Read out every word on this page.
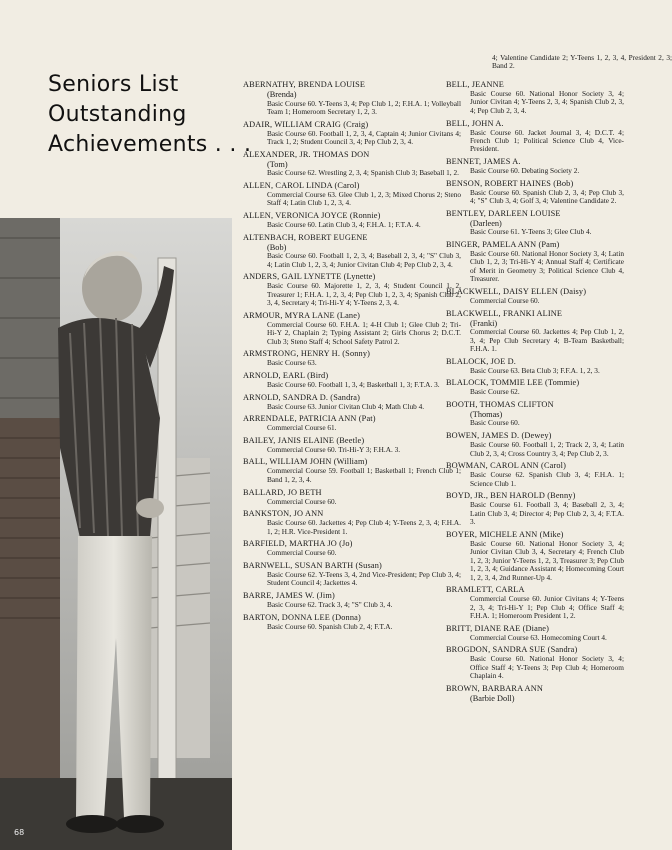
Seniors List
Outstanding
Achievements . . .
68
ABERNATHY, BRENDA LOUISE
(Brenda)
Basic Course 60. Y-Teens 3, 4; Pep Club 1, 2; F.H.A. 1; Volleyball Team 1; Homeroom Secretary 1, 2, 3.
ADAIR, WILLIAM CRAIG (Craig)
Basic Course 60. Football 1, 2, 3, 4, Captain 4; Junior Civitans 4; Track 1, 2; Student Council 3, 4; Pep Club 2, 3, 4.
ALEXANDER, JR. THOMAS DON
(Tom)
Basic Course 62. Wrestling 2, 3, 4; Spanish Club 3; Baseball 1, 2.
ALLEN, CAROL LINDA (Carol)
Commercial Course 63. Glee Club 1, 2, 3; Mixed Chorus 2; Steno Staff 4; Latin Club 1, 2, 3, 4.
ALLEN, VERONICA JOYCE (Ronnie)
Basic Course 60. Latin Club 3, 4; F.H.A. 1; F.T.A. 4.
ALTENBACH, ROBERT EUGENE
(Bob)
Basic Course 60. Football 1, 2, 3, 4; Baseball 2, 3, 4; "S" Club 3, 4; Latin Club 1, 2, 3, 4; Junior Civitan Club 4; Pep Club 2, 3, 4.
ANDERS, GAIL LYNETTE (Lynette)
Basic Course 60. Majorette 1, 2, 3, 4; Student Council 1, 2, Treasurer 1; F.H.A. 1, 2, 3, 4; Pep Club 1, 2, 3, 4; Spanish Club 2, 3, 4, Secretary 4; Tri-Hi-Y 4; Y-Teens 2, 3, 4.
ARMOUR, MYRA LANE (Lane)
Commercial Course 60. F.H.A. 1; 4-H Club 1; Glee Club 2; Tri-Hi-Y 2, Chaplain 2; Typing Assistant 2; Girls Chorus 2; D.C.T. Club 3; Steno Staff 4; School Safety Patrol 2.
ARMSTRONG, HENRY H. (Sonny)
Basic Course 63.
ARNOLD, EARL (Bird)
Basic Course 60. Football 1, 3, 4; Basketball 1, 3; F.T.A. 3.
ARNOLD, SANDRA D. (Sandra)
Basic Course 63. Junior Civitan Club 4; Math Club 4.
ARRENDALE, PATRICIA ANN (Pat)
Commercial Course 61.
BAILEY, JANIS ELAINE (Beetle)
Commercial Course 60. Tri-Hi-Y 3; F.H.A. 3.
BALL, WILLIAM JOHN (William)
Commercial Course 59. Football 1; Basketball 1; French Club 1; Band 1, 2, 3, 4.
BALLARD, JO BETH
Commercial Course 60.
BANKSTON, JO ANN
Basic Course 60. Jackettes 4; Pep Club 4; Y-Teens 2, 3, 4; F.H.A. 1, 2; H.R. Vice-President 1.
BARFIELD, MARTHA JO (Jo)
Commercial Course 60.
BARNWELL, SUSAN BARTH (Susan)
Basic Course 62. Y-Teens 3, 4, 2nd Vice-President; Pep Club 3, 4; Student Council 4; Jackettes 4.
BARRE, JAMES W. (Jim)
Basic Course 62. Track 3, 4; "S" Club 3, 4.
BARTON, DONNA LEE (Donna)
Basic Course 60. Spanish Club 2, 4; F.T.A.
4; Valentine Candidate 2; Y-Teens 1, 2, 3, 4, President 2, 3; Band 2.
BELL, JEANNE
Basic Course 60. National Honor Society 3, 4; Junior Civitan 4; Y-Teens 2, 3, 4; Spanish Club 2, 3, 4; Pep Club 2, 3, 4.
BELL, JOHN A.
Basic Course 60. Jacket Journal 3, 4; D.C.T. 4; French Club 1; Political Science Club 4, Vice-President.
BENNET, JAMES A.
Basic Course 60. Debating Society 2.
BENSON, ROBERT HAINES (Bob)
Basic Course 60. Spanish Club 2, 3, 4; Pep Club 3, 4; "S" Club 3, 4; Golf 3, 4; Valentine Candidate 2.
BENTLEY, DARLEEN LOUISE
(Darleen)
Basic Course 61. Y-Teens 3; Glee Club 4.
BINGER, PAMELA ANN (Pam)
Basic Course 60. National Honor Society 3, 4; Latin Club 1, 2, 3; Tri-Hi-Y 4; Annual Staff 4; Certificate of Merit in Geometry 3; Political Science Club 4, Treasurer.
BLACKWELL, DAISY ELLEN (Daisy)
Commercial Course 60.
BLACKWELL, FRANKI ALINE
(Franki)
Commercial Course 60. Jackettes 4; Pep Club 1, 2, 3, 4; Pep Club Secretary 4; B-Team Basketball; F.H.A. 1.
BLALOCK, JOE D.
Basic Course 63. Beta Club 3; F.F.A. 1, 2, 3.
BLALOCK, TOMMIE LEE (Tommie)
Basic Course 62.
BOOTH, THOMAS CLIFTON
(Thomas)
Basic Course 60.
BOWEN, JAMES D. (Dewey)
Basic Course 60. Football 1, 2; Track 2, 3, 4; Latin Club 2, 3, 4; Cross Country 3, 4; Pep Club 2, 3.
BOWMAN, CAROL ANN (Carol)
Basic Course 62. Spanish Club 3, 4; F.H.A. 1; Science Club 1.
BOYD, JR., BEN HAROLD (Benny)
Basic Course 61. Football 3, 4; Baseball 2, 3, 4; Latin Club 3, 4; Director 4; Pep Club 2, 3, 4; F.T.A. 3.
BOYER, MICHELE ANN (Mike)
Basic Course 60. National Honor Society 3, 4; Junior Civitan Club 3, 4, Secretary 4; French Club 1, 2, 3; Junior Y-Teens 1, 2, 3, Treasurer 3; Pep Club 1, 2, 3, 4; Guidance Assistant 4; Homecoming Court 1, 2, 3, 4, 2nd Runner-Up 4.
BRAMLETT, CARLA
Commercial Course 60. Junior Civitans 4; Y-Teens 2, 3, 4; Tri-Hi-Y 1; Pep Club 4; Office Staff 4; F.H.A. 1; Homeroom President 1, 2.
BRITT, DIANE RAE (Diane)
Commercial Course 63. Homecoming Court 4.
BROGDON, SANDRA SUE (Sandra)
Basic Course 60. National Honor Society 3, 4; Office Staff 4; Y-Teens 3; Pep Club 4; Homeroom Chaplain 4.
BROWN, BARBARA ANN
(Barbie Doll)
